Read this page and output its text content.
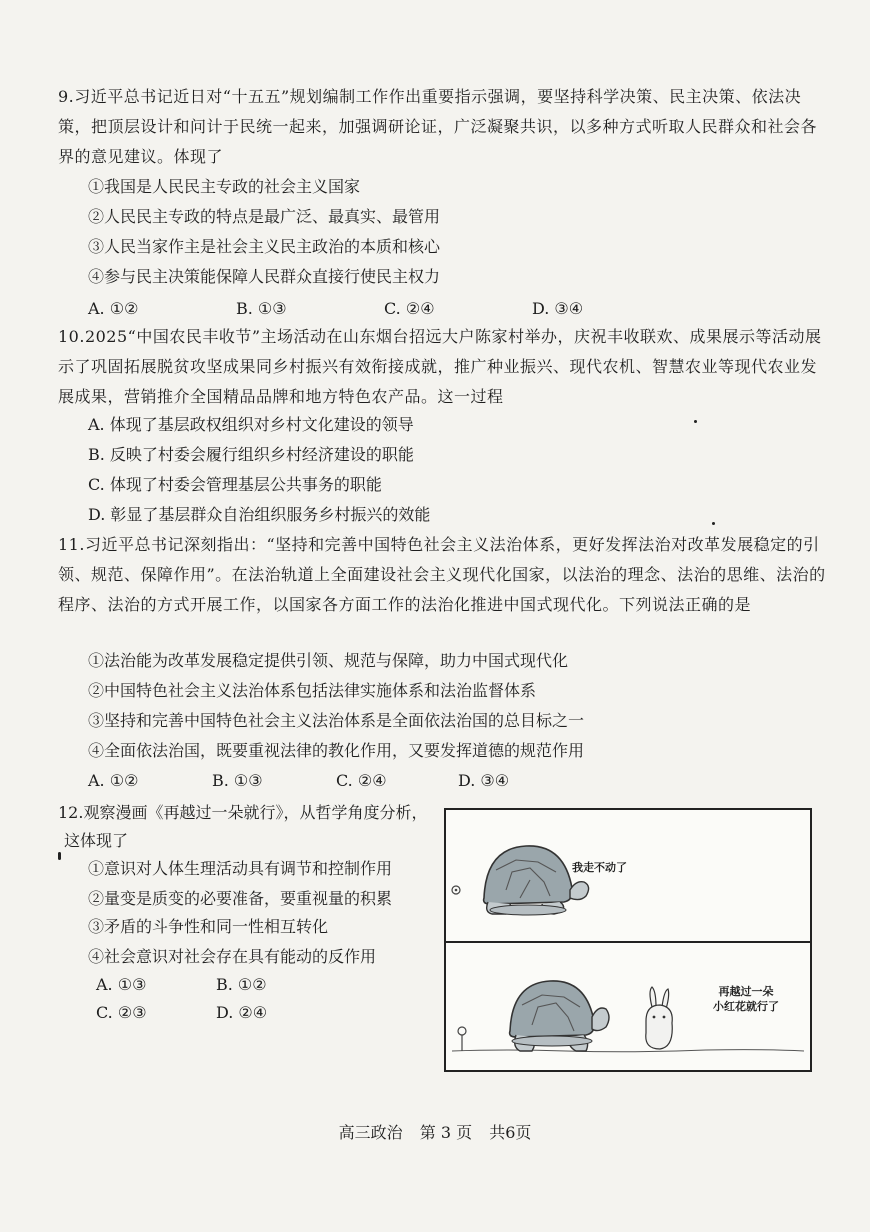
9.习近平总书记近日对“十五五”规划编制工作作出重要指示强调，要坚持科学决策、民主决策、依法决策，把顶层设计和问计于民统一起来，加强调研论证，广泛凝聚共识，以多种方式听取人民群众和社会各界的意见建议。体现了
①我国是人民民主专政的社会主义国家
②人民民主专政的特点是最广泛、最真实、最管用
③人民当家作主是社会主义民主政治的本质和核心
④参与民主决策能保障人民群众直接行使民主权力
A. ①②	B. ①③	C. ②④	D. ③④
10.2025“中国农民丰收节”主场活动在山东烟台招远大户陈家村举办，庆祝丰收联欢、成果展示等活动展示了巩固拓展脱贫攻坚成果同乡村振兴有效衔接成就，推广种业振兴、现代农机、智慧农业等现代农业发展成果，营销推介全国精品品牌和地方特色农产品。这一过程
A. 体现了基层政权组织对乡村文化建设的领导
B. 反映了村委会履行组织乡村经济建设的职能
C. 体现了村委会管理基层公共事务的职能
D. 彰显了基层群众自治组织服务乡村振兴的效能
11.习近平总书记深刻指出：“坚持和完善中国特色社会主义法治体系，更好发挥法治对改革发展稳定的引领、规范、保障作用”。在法治轨道上全面建设社会主义现代化国家，以法治的理念、法治的思维、法治的程序、法治的方式开展工作，以国家各方面工作的法治化推进中国式现代化。下列说法正确的是
①法治能为改革发展稳定提供引领、规范与保障，助力中国式现代化
②中国特色社会主义法治体系包括法律实施体系和法治监督体系
③坚持和完善中国特色社会主义法治体系是全面依法治国的总目标之一
④全面依法治国，既要重视法律的教化作用，又要发挥道德的规范作用
A. ①②	B. ①③	C. ②④	D. ③④
12.观察漫画《再越过一朵就行》，从哲学角度分析，
这体现了
①意识对人体生理活动具有调节和控制作用
②量变是质变的必要准备，要重视量的积累
③矛盾的斗争性和同一性相互转化
④社会意识对社会存在具有能动的反作用
A. ①③	B. ①②
C. ②③	D. ②④
我走不动了
再越过一朵
小红花就行了
高三政治 第 3 页 共6页
